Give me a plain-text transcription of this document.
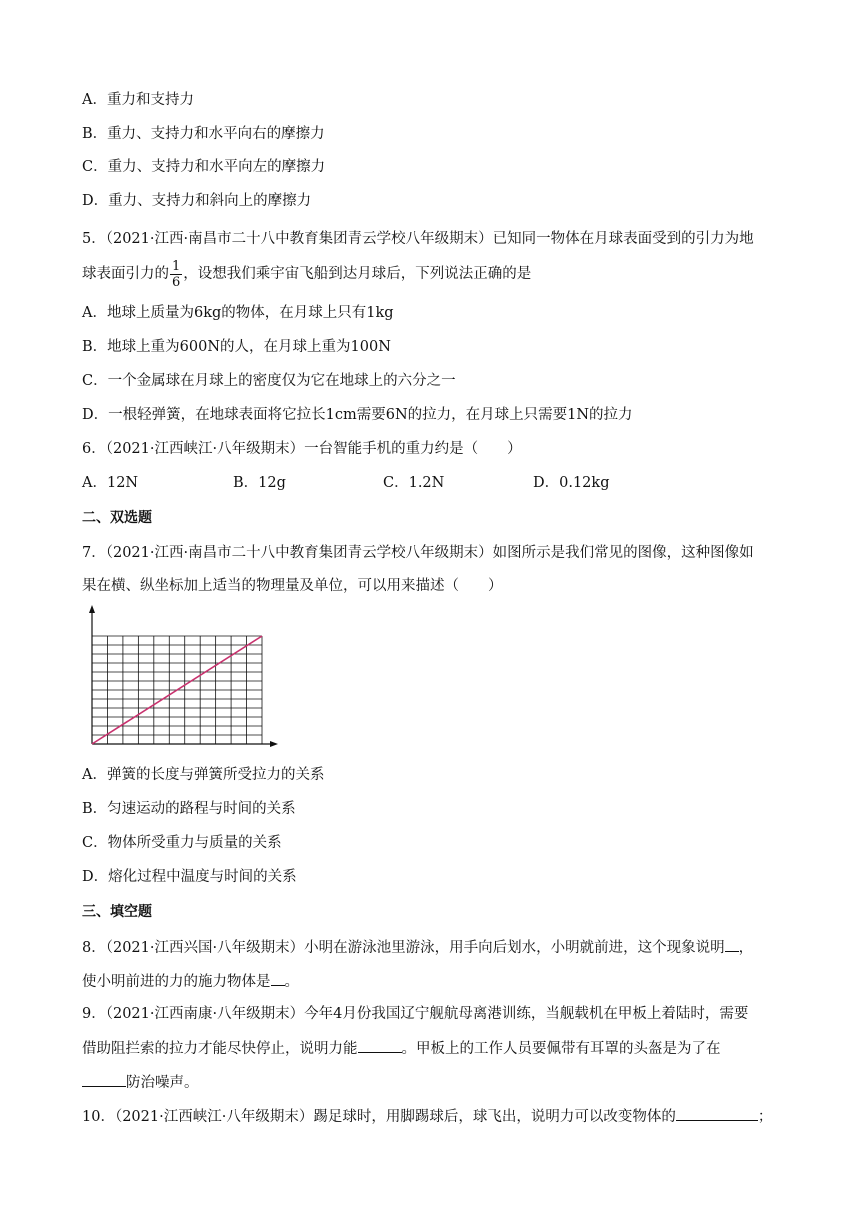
A．重力和支持力
B．重力、支持力和水平向右的摩擦力
C．重力、支持力和水平向左的摩擦力
D．重力、支持力和斜向上的摩擦力
5．（2021·江西·南昌市二十八中教育集团青云学校八年级期末）已知同一物体在月球表面受到的引力为地
球表面引力的 $\frac{1}{6}$ ，设想我们乘宇宙飞船到达月球后，下列说法正确的是
A．地球上质量为6kg的物体，在月球上只有1kg
B．地球上重为600N的人，在月球上重为100N
C．一个金属球在月球上的密度仅为它在地球上的六分之一
D．一根轻弹簧，在地球表面将它拉长1cm需要6N的拉力，在月球上只需要1N的拉力
6．（2021·江西峡江·八年级期末）一台智能手机的重力约是（　　）
A．12N	B．12g	C．1.2N	D．0.12kg
二、双选题
7．（2021·江西·南昌市二十八中教育集团青云学校八年级期末）如图所示是我们常见的图像，这种图像如
果在横、纵坐标加上适当的物理量及单位，可以用来描述（　　）
A．弹簧的长度与弹簧所受拉力的关系
B．匀速运动的路程与时间的关系
C．物体所受重力与质量的关系
D．熔化过程中温度与时间的关系
三、填空题
8．（2021·江西兴国·八年级期末）小明在游泳池里游泳，用手向后划水，小明就前进，这个现象说明 ，
使小明前进的力的施力物体是 。
9．（2021·江西南康·八年级期末）今年4月份我国辽宁舰航母离港训练，当舰载机在甲板上着陆时，需要
借助阻拦索的拉力才能尽快停止，说明力能	。甲板上的工作人员要佩带有耳罩的头盔是为了在
防治噪声。
10．（2021·江西峡江·八年级期末）踢足球时，用脚踢球后，球飞出，说明力可以改变物体的	；
